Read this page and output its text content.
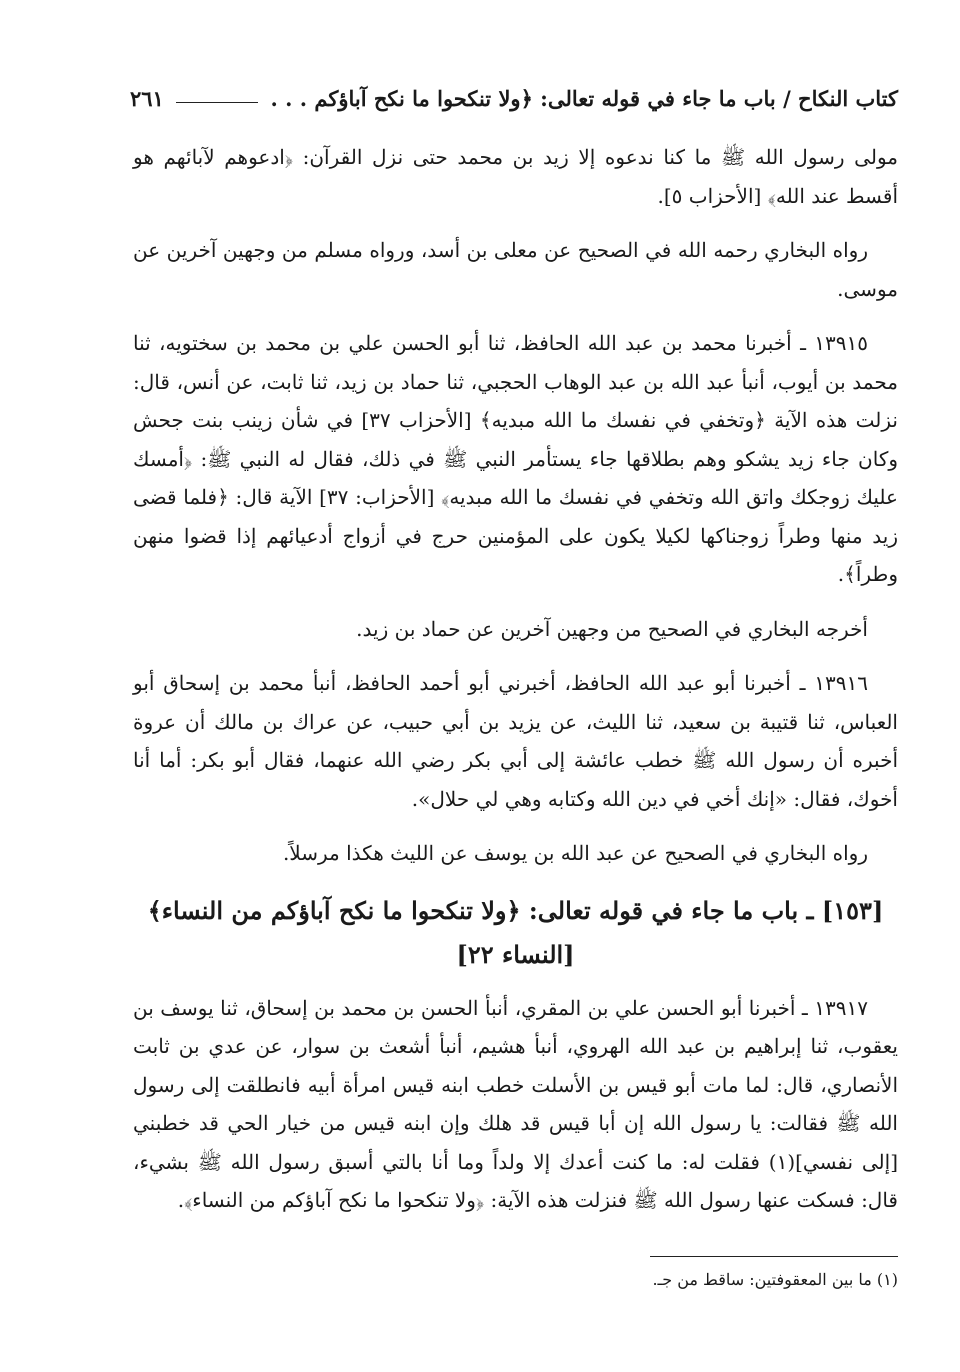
كتاب النكاح / باب ما جاء في قوله تعالى: ﴿ولا تنكحوا ما نكح آباؤكم . . .
٢٦١

مولى رسول الله ﷺ ما كنا ندعوه إلا زيد بن محمد حتى نزل القرآن: ﴿ادعوهم لآبائهم هو أقسط عند الله﴾ [الأحزاب ٥].

رواه البخاري رحمه الله في الصحيح عن معلى بن أسد، ورواه مسلم من وجهين آخرين عن موسى.

١٣٩١٥ ـ أخبرنا محمد بن عبد الله الحافظ، ثنا أبو الحسن علي بن محمد بن سختويه، ثنا محمد بن أيوب، أنبأ عبد الله بن عبد الوهاب الحجبي، ثنا حماد بن زيد، ثنا ثابت، عن أنس، قال: نزلت هذه الآية ﴿وتخفي في نفسك ما الله مبديه﴾ [الأحزاب ٣٧] في شأن زينب بنت جحش وكان جاء زيد يشكو وهم بطلاقها جاء يستأمر النبي ﷺ في ذلك، فقال له النبي ﷺ: ﴿أمسك عليك زوجكك واتق الله وتخفي في نفسك ما الله مبديه﴾ [الأحزاب: ٣٧] الآية قال: ﴿فلما قضى زيد منها وطراً زوجناكها لكيلا يكون على المؤمنين حرج في أزواج أدعيائهم إذا قضوا منهن وطراً﴾.

أخرجه البخاري في الصحيح من وجهين آخرين عن حماد بن زيد.

١٣٩١٦ ـ أخبرنا أبو عبد الله الحافظ، أخبرني أبو أحمد الحافظ، أنبأ محمد بن إسحاق أبو العباس، ثنا قتيبة بن سعيد، ثنا الليث، عن يزيد بن أبي حبيب، عن عراك بن مالك أن عروة أخبره أن رسول الله ﷺ خطب عائشة إلى أبي بكر رضي الله عنهما، فقال أبو بكر: أما أنا أخوك، فقال: «إنك أخي في دين الله وكتابه وهي لي حلال».

رواه البخاري في الصحيح عن عبد الله بن يوسف عن الليث هكذا مرسلاً.

[١٥٣] ـ باب ما جاء في قوله تعالى: ﴿ولا تنكحوا ما نكح آباؤكم من النساء﴾
[النساء ٢٢]

١٣٩١٧ ـ أخبرنا أبو الحسن علي بن المقري، أنبأ الحسن بن محمد بن إسحاق، ثنا يوسف بن يعقوب، ثنا إبراهيم بن عبد الله الهروي، أنبأ هشيم، أنبأ أشعث بن سوار، عن عدي بن ثابت الأنصاري، قال: لما مات أبو قيس بن الأسلت خطب ابنه قيس امرأة أبيه فانطلقت إلى رسول الله ﷺ فقالت: يا رسول الله إن أبا قيس قد هلك وإن ابنه قيس من خيار الحي قد خطبني [إلى نفسي](١) فقلت له: ما كنت أعدك إلا ولداً وما أنا بالتي أسبق رسول الله ﷺ بشيء، قال: فسكت عنها رسول الله ﷺ فنزلت هذه الآية: ﴿ولا تنكحوا ما نكح آباؤكم من النساء﴾.

(١) ما بين المعقوفتين: ساقط من جـ.
